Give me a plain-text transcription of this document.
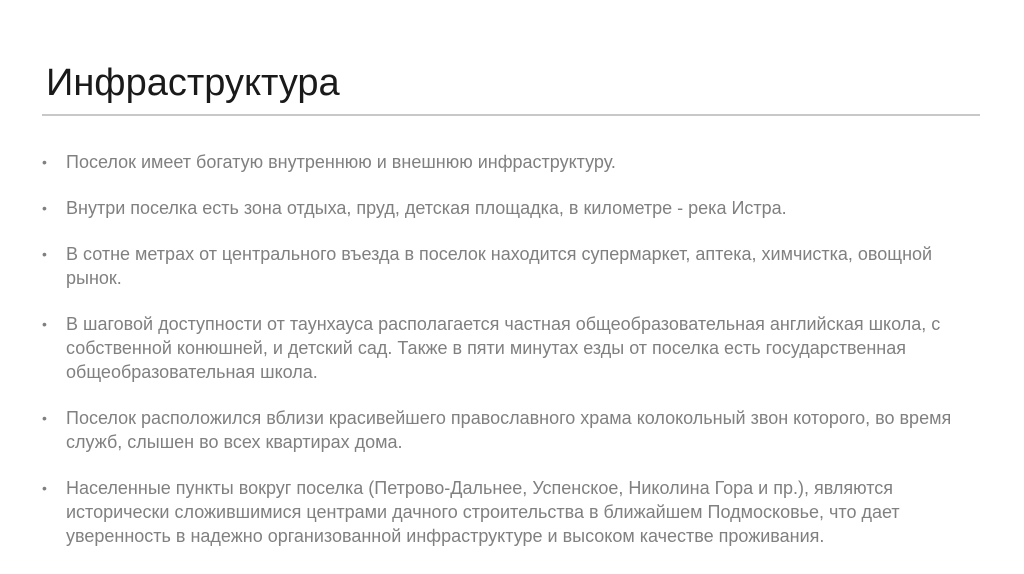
Инфраструктура
•	Поселок имеет богатую внутреннюю и внешнюю инфраструктуру.
•	Внутри поселка есть зона отдыха, пруд, детская площадка, в километре - река Истра.
•	В сотне метрах от центрального въезда в поселок находится супермаркет, аптека, химчистка, овощной рынок.
•	В шаговой доступности от таунхауса располагается частная общеобразовательная английская школа, с собственной конюшней, и детский сад. Также в пяти минутах езды от поселка есть государственная общеобразовательная школа.
•	Поселок расположился вблизи красивейшего православного храма колокольный звон которого, во время служб, слышен во всех квартирах дома.
•	Населенные пункты вокруг поселка (Петрово-Дальнее, Успенское, Николина Гора и пр.), являются исторически сложившимися центрами дачного строительства в ближайшем Подмосковье, что дает уверенность в надежно организованной инфраструктуре и высоком качестве проживания.
